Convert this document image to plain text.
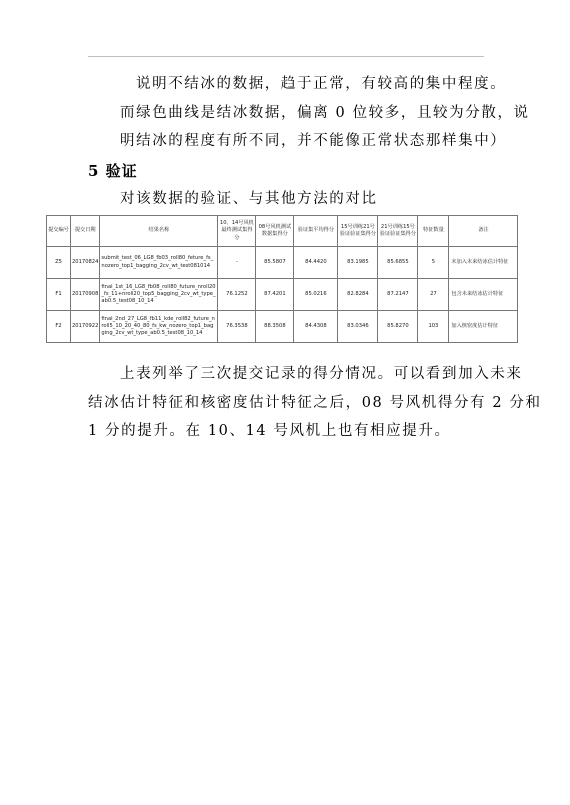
说明不结冰的数据，趋于正常，有较高的集中程度。
而绿色曲线是结冰数据，偏离 0 位较多，且较为分散，说
明结冰的程度有所不同，并不能像正常状态那样集中）
5 验证
对该数据的验证、与其他方法的对比
提交编号	提交日期	结果名称	10、14号风机最终测试集得分	08号风机测试数据集得分	验证集平均得分	15号训练21号验证验证集得分	21号训练15号验证验证集得分	特征数量	备注
Z5	20170824	submit_test_06_LG8_fb03_roll80_feture_fs_nozero_top1_bagging_2cv_wt_test081014	-	85.5807	84.4420	83.1985	85.6855	5	未加入未来结冰估计特征
F1	20170908	final_1st_16_LG8_fb08_roll80_future_nroll20_fs_11+nroll20_top5_bagging_2cv_wt_type_ab0.5_test08_10_14	76.1252	87.4201	85.0216	82.8284	87.2147	27	包含未来结冰估计特征
F2	20170922	final_2nd_27_LG8_fb11_kde_roll82_future_nroll5_10_20_40_80_fs_kw_nozero_top1_bagging_2cv_wt_type_ab0.5_test08_10_14	76.3538	88.3508	84.4308	83.0346	85.8270	103	加入核密度估计特征
上表列举了三次提交记录的得分情况。可以看到加入未来
结冰估计特征和核密度估计特征之后，08 号风机得分有 2 分和
1 分的提升。在 10、14 号风机上也有相应提升。
